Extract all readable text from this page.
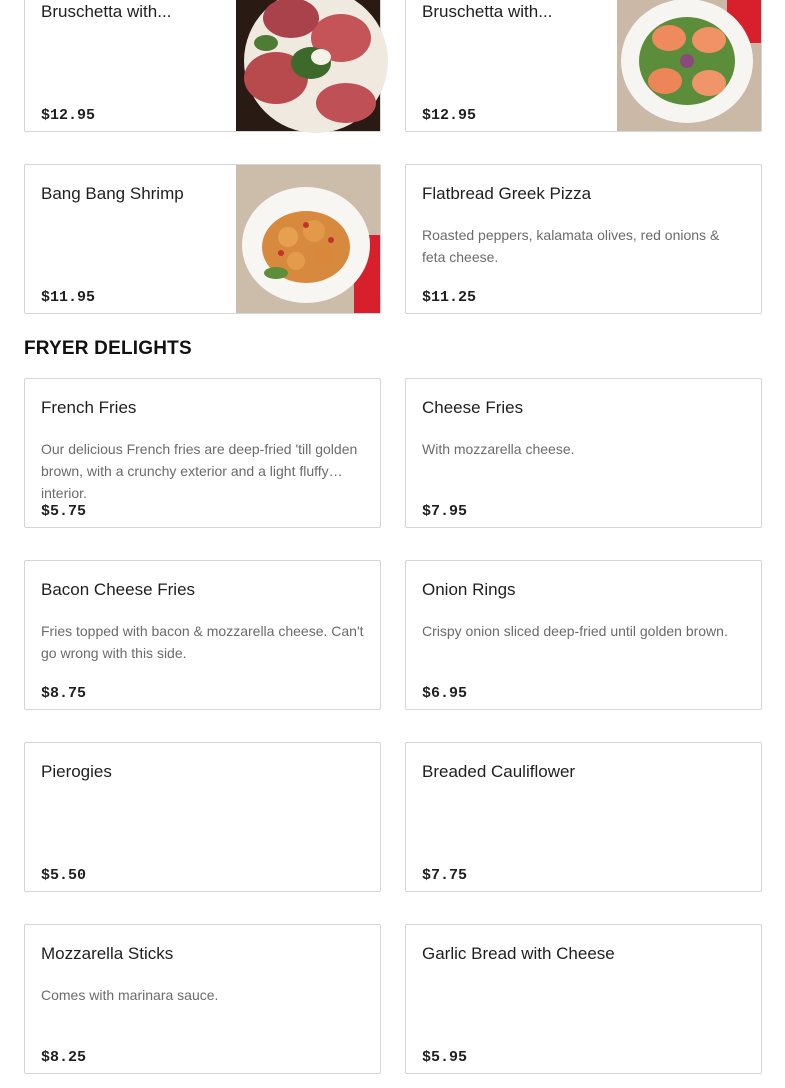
Bruschetta with...
$12.95
Bruschetta with...
$12.95
Bang Bang Shrimp
$11.95
Flatbread Greek Pizza
Roasted peppers, kalamata olives, red onions & feta cheese.
$11.25
FRYER DELIGHTS
French Fries
Our delicious French fries are deep-fried 'till golden brown, with a crunchy exterior and a light fluffy interior.
$5.75
Cheese Fries
With mozzarella cheese.
$7.95
Bacon Cheese Fries
Fries topped with bacon & mozzarella cheese. Can't go wrong with this side.
$8.75
Onion Rings
Crispy onion sliced deep-fried until golden brown.
$6.95
Pierogies
$5.50
Breaded Cauliflower
$7.75
Mozzarella Sticks
Comes with marinara sauce.
$8.25
Garlic Bread with Cheese
$5.95
